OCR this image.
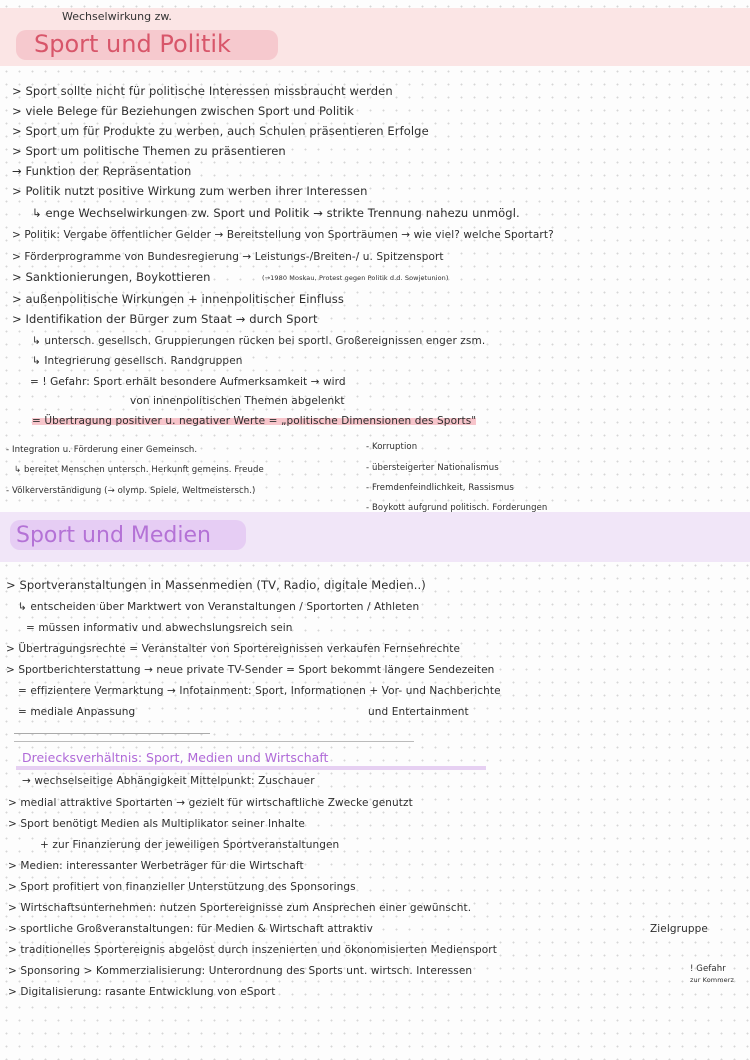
Wechselwirkung zw.
Sport und Politik
> Sport sollte nicht für politische Interessen missbraucht werden
> viele Belege für Beziehungen zwischen Sport und Politik
> Sport um für Produkte zu werben, auch Schulen präsentieren Erfolge
> Sport um politische Themen zu präsentieren
→ Funktion der Repräsentation
> Politik nutzt positive Wirkung zum werben ihrer Interessen
↳ enge Wechselwirkungen zw. Sport und Politik → strikte Trennung nahezu unmögl.
> Politik: Vergabe öffentlicher Gelder → Bereitstellung von Sporträumen → wie viel? welche Sportart?
> Förderprogramme von Bundesregierung → Leistungs-/Breiten-/ u. Spitzensport
> Sanktionierungen, Boykottieren	(→1980 Moskau, Protest gegen Politik d.d. Sowjetunion)
> außenpolitische Wirkungen + innenpolitischer Einfluss
> Identifikation der Bürger zum Staat → durch Sport
↳ untersch. gesellsch. Gruppierungen rücken bei sportl. Großereignissen enger zsm.
↳ Integrierung gesellsch. Randgruppen
= ! Gefahr: Sport erhält besondere Aufmerksamkeit → wird
von innenpolitischen Themen abgelenkt
= Übertragung positiver u. negativer Werte = „politische Dimensionen des Sports"
- Integration u. Förderung einer Gemeinsch.
↳ bereitet Menschen untersch. Herkunft gemeins. Freude
- Völkerverständigung (→ olymp. Spiele, Weltmeistersch.)
- Korruption
- übersteigerter Nationalismus
- Fremdenfeindlichkeit, Rassismus
- Boykott aufgrund politisch. Forderungen
Sport und Medien
> Sportveranstaltungen in Massenmedien (TV, Radio, digitale Medien..)
↳ entscheiden über Marktwert von Veranstaltungen / Sportorten / Athleten
= müssen informativ und abwechslungsreich sein
> Übertragungsrechte = Veranstalter von Sportereignissen verkaufen Fernsehrechte
> Sportberichterstattung → neue private TV-Sender = Sport bekommt längere Sendezeiten
= effizientere Vermarktung → Infotainment: Sport, Informationen + Vor- und Nachberichte
= mediale Anpassung	und Entertainment
Dreiecksverhältnis: Sport, Medien und Wirtschaft
→ wechselseitige Abhängigkeit Mittelpunkt: Zuschauer
> medial attraktive Sportarten → gezielt für wirtschaftliche Zwecke genutzt
> Sport benötigt Medien als Multiplikator seiner Inhalte
+ zur Finanzierung der jeweiligen Sportveranstaltungen
> Medien: interessanter Werbeträger für die Wirtschaft
> Sport profitiert von finanzieller Unterstützung des Sponsorings
> Wirtschaftsunternehmen: nutzen Sportereignisse zum Ansprechen einer gewünscht.
> sportliche Großveranstaltungen: für Medien & Wirtschaft attraktiv	Zielgruppe
> traditionelles Sportereignis abgelöst durch inszenierten und ökonomisierten Mediensport
> Sponsoring > Kommerzialisierung: Unterordnung des Sports unt. wirtsch. Interessen
> Digitalisierung: rasante Entwicklung von eSport
! Gefahr
zur Kommerz
